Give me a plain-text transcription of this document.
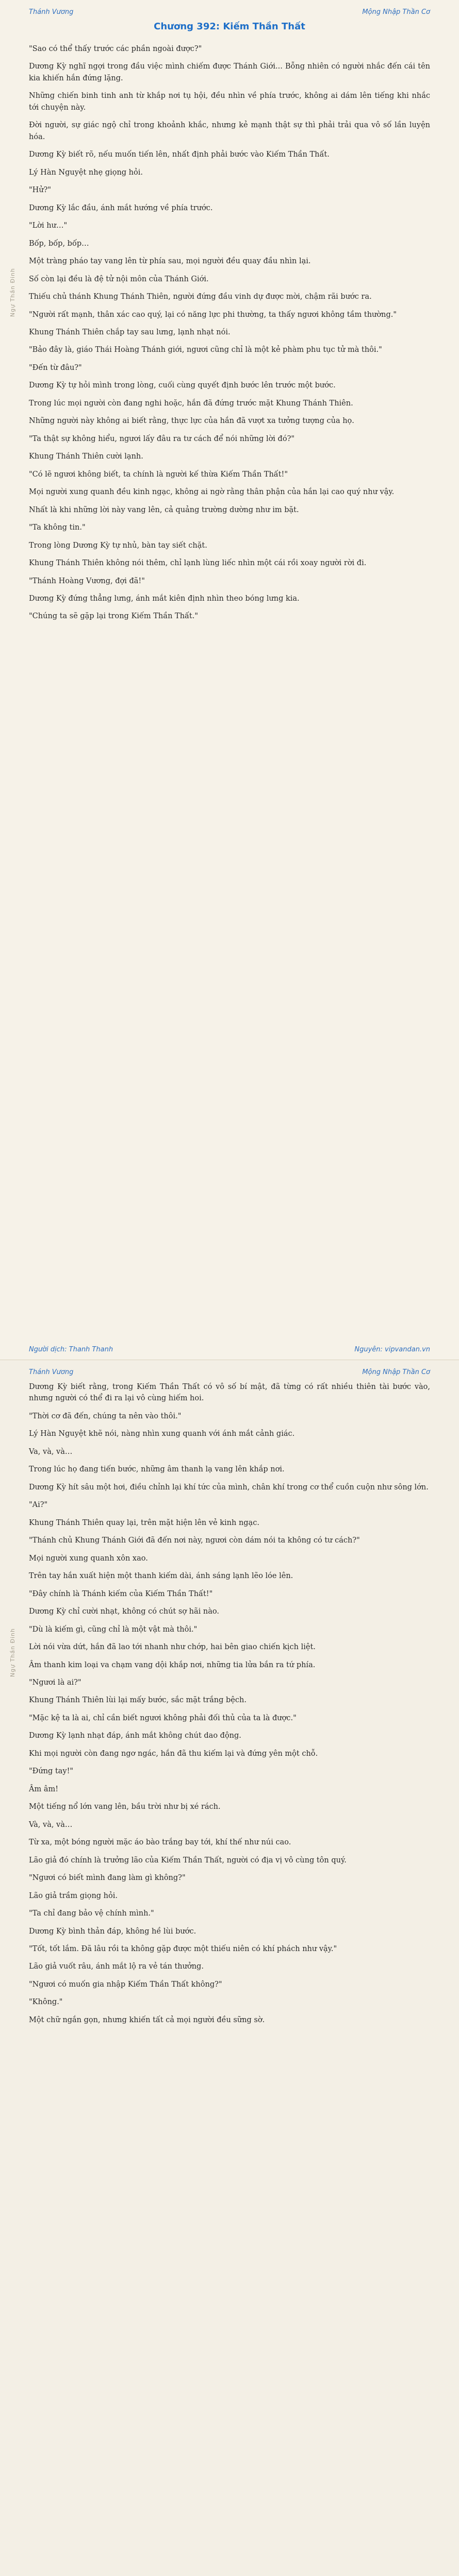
Thánh Vương	Mộng Nhập Thần Cơ
Chương 392: Kiếm Thần Thất
Ngự Thần Đinh

"Sao có thể thấy trước các phần ngoài được?"

Dương Kỳ nghĩ ngợi trong đầu việc mình chiếm được Thánh Giới... Bỗng nhiên có người nhắc đến cái tên kia khiến hắn đứng lặng.

Những chiến binh tinh anh từ khắp nơi tụ hội, đều nhìn về phía trước, không ai dám lên tiếng khi nhắc tới chuyện này.

Đời người, sự giác ngộ chỉ trong khoảnh khắc, nhưng kẻ mạnh thật sự thì phải trải qua vô số lần luyện hóa.

Dương Kỳ biết rõ, nếu muốn tiến lên, nhất định phải bước vào Kiếm Thần Thất.

Lý Hàn Nguyệt nhẹ giọng hỏi.

"Hử?"

Dương Kỳ lắc đầu, ánh mắt hướng về phía trước.

"Lời hư…"

Bốp, bốp, bốp…

Một tràng pháo tay vang lên từ phía sau, mọi người đều quay đầu nhìn lại.

Số còn lại đều là đệ tử nội môn của Thánh Giới.

Thiếu chủ thánh Khung Thánh Thiên, người đứng đầu vinh dự được mời, chậm rãi bước ra.

"Người rất mạnh, thân xác cao quý, lại có năng lực phi thường, ta thấy ngươi không tầm thường."

Khung Thánh Thiên chắp tay sau lưng, lạnh nhạt nói.

"Bảo đây là, giáo Thái Hoàng Thánh giới, ngươi cũng chỉ là một kẻ phàm phu tục tử mà thôi."

"Đến từ đâu?"

Dương Kỳ tự hỏi mình trong lòng, cuối cùng quyết định bước lên trước một bước.

Trong lúc mọi người còn đang nghi hoặc, hắn đã đứng trước mặt Khung Thánh Thiên.

Những người này không ai biết rằng, thực lực của hắn đã vượt xa tưởng tượng của họ.

"Ta thật sự không hiểu, ngươi lấy đâu ra tư cách để nói những lời đó?"

Khung Thánh Thiên cười lạnh.

"Có lẽ ngươi không biết, ta chính là người kế thừa Kiếm Thần Thất!"

Mọi người xung quanh đều kinh ngạc, không ai ngờ rằng thân phận của hắn lại cao quý như vậy.

Nhất là khi những lời này vang lên, cả quảng trường dường như im bặt.

"Ta không tin."

Trong lòng Dương Kỳ tự nhủ, bàn tay siết chặt.

Khung Thánh Thiên không nói thêm, chỉ lạnh lùng liếc nhìn một cái rồi xoay người rời đi.

"Thánh Hoàng Vương, đợi đã!"

Dương Kỳ đứng thẳng lưng, ánh mắt kiên định nhìn theo bóng lưng kia.

"Chúng ta sẽ gặp lại trong Kiếm Thần Thất."

Người dịch: Thanh Thanh	Nguyên: vipvandan.vn
Thánh Vương	Mộng Nhập Thần Cơ
Ngự Thần Đinh

Dương Kỳ biết rằng, trong Kiếm Thần Thất có vô số bí mật, đã từng có rất nhiều thiên tài bước vào, nhưng người có thể đi ra lại vô cùng hiếm hoi.

"Thời cơ đã đến, chúng ta nên vào thôi."

Lý Hàn Nguyệt khẽ nói, nàng nhìn xung quanh với ánh mắt cảnh giác.

Va, và, và…

Trong lúc họ đang tiến bước, những âm thanh lạ vang lên khắp nơi.

Dương Kỳ hít sâu một hơi, điều chỉnh lại khí tức của mình, chân khí trong cơ thể cuồn cuộn như sông lớn.

"Ai?"

Khung Thánh Thiên quay lại, trên mặt hiện lên vẻ kinh ngạc.

"Thánh chủ Khung Thánh Giới đã đến nơi này, ngươi còn dám nói ta không có tư cách?"

Mọi người xung quanh xôn xao.

Trên tay hắn xuất hiện một thanh kiếm dài, ánh sáng lạnh lẽo lóe lên.

"Đây chính là Thánh kiếm của Kiếm Thần Thất!"

Dương Kỳ chỉ cười nhạt, không có chút sợ hãi nào.

"Dù là kiếm gì, cũng chỉ là một vật mà thôi."

Lời nói vừa dứt, hắn đã lao tới nhanh như chớp, hai bên giao chiến kịch liệt.

Âm thanh kim loại va chạm vang dội khắp nơi, những tia lửa bắn ra tứ phía.

"Ngươi là ai?"

Khung Thánh Thiên lùi lại mấy bước, sắc mặt trắng bệch.

"Mặc kệ ta là ai, chỉ cần biết ngươi không phải đối thủ của ta là được."

Dương Kỳ lạnh nhạt đáp, ánh mắt không chút dao động.

Khi mọi người còn đang ngơ ngác, hắn đã thu kiếm lại và đứng yên một chỗ.

"Đứng tay!"

Âm âm!

Một tiếng nổ lớn vang lên, bầu trời như bị xé rách.

Và, và, và…

Từ xa, một bóng người mặc áo bào trắng bay tới, khí thế như núi cao.

Lão giả đó chính là trưởng lão của Kiếm Thần Thất, người có địa vị vô cùng tôn quý.

"Ngươi có biết mình đang làm gì không?"

Lão giả trầm giọng hỏi.

"Ta chỉ đang bảo vệ chính mình."

Dương Kỳ bình thản đáp, không hề lùi bước.

"Tốt, tốt lắm. Đã lâu rồi ta không gặp được một thiếu niên có khí phách như vậy."

Lão giả vuốt râu, ánh mắt lộ ra vẻ tán thưởng.

"Ngươi có muốn gia nhập Kiếm Thần Thất không?"

"Không."

Một chữ ngắn gọn, nhưng khiến tất cả mọi người đều sững sờ.
